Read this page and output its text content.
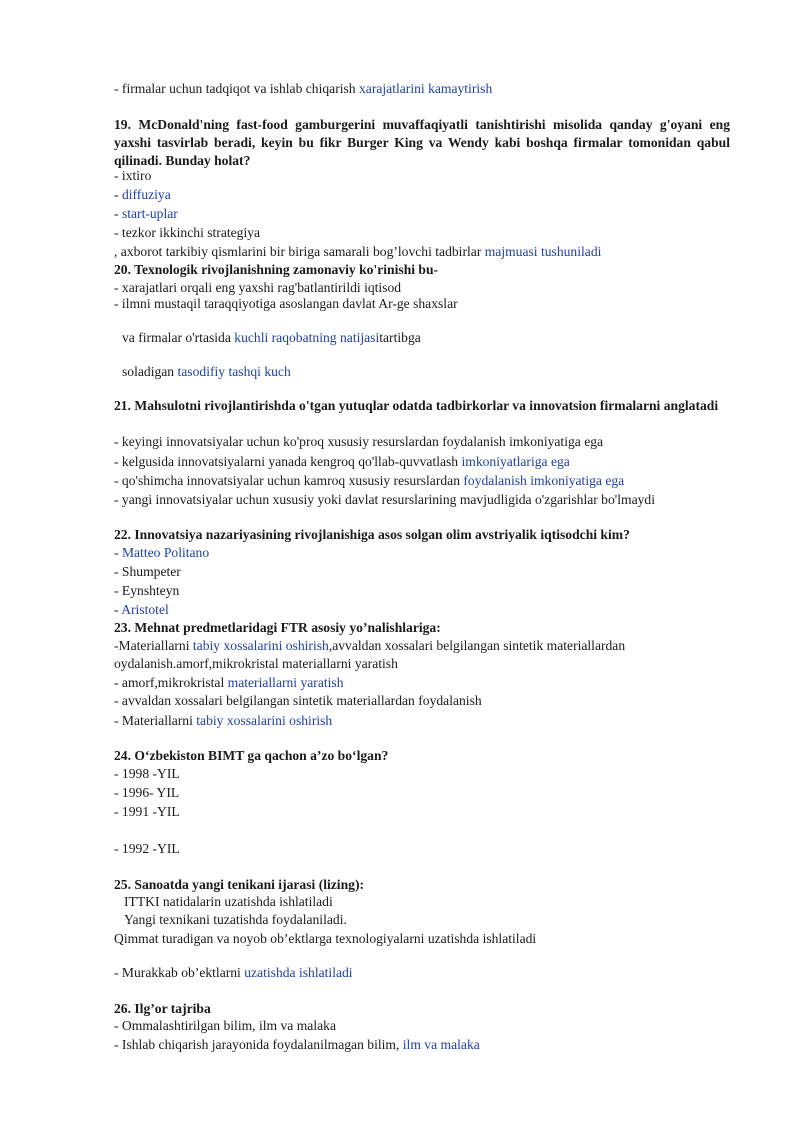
- firmalar uchun tadqiqot va ishlab chiqarish xarajatlarini kamaytirish
19. McDonald'ning fast-food gamburgerini muvaffaqiyatli tanishtirishi misolida qanday g'oyani eng yaxshi tasvirlab beradi, keyin bu fikr Burger King va Wendy kabi boshqa firmalar tomonidan qabul qilinadi. Bunday holat?
- ixtiro
- diffuziya
- start-uplar
- tezkor ikkinchi strategiya
, axborot tarkibiy qismlarini bir biriga samarali bog’lovchi tadbirlar majmuasi tushuniladi
20. Texnologik rivojlanishning zamonaviy ko'rinishi bu-
- xarajatlari orqali eng yaxshi rag'batlantirildi iqtisod
- ilmni mustaqil taraqqiyotiga asoslangan davlat Ar-ge shaxslar
va firmalar o'rtasida kuchli raqobatning natijasitartibga
soladigan tasodifiy tashqi kuch
21. Mahsulotni rivojlantirishda o'tgan yutuqlar odatda tadbirkorlar va innovatsion firmalarni anglatadi
- keyingi innovatsiyalar uchun ko'proq xususiy resurslardan foydalanish imkoniyatiga ega
- kelgusida innovatsiyalarni yanada kengroq qo'llab-quvvatlash imkoniyatlariga ega
- qo'shimcha innovatsiyalar uchun kamroq xususiy resurslardan foydalanish imkoniyatiga ega
- yangi innovatsiyalar uchun xususiy yoki davlat resurslarining mavjudligida o'zgarishlar bo'lmaydi
22. Innovatsiya nazariyasining rivojlanishiga asos solgan olim avstriyalik iqtisodchi kim?
- Matteo Politano
- Shumpeter
- Eynshteyn
- Aristotel
23. Mehnat predmetlaridagi FTR asosiy yo’nalishlariga:
-Materiallarni tabiy xossalarini oshirish,avvaldan xossalari belgilangan sintetik materiallardan
oydalanish.amorf,mikrokristal materiallarni yaratish
- amorf,mikrokristal materiallarni yaratish
- avvaldan xossalari belgilangan sintetik materiallardan foydalanish
- Materiallarni tabiy xossalarini oshirish
24. O‘zbekiston BIMT ga qachon a’zo bo‘lgan?
- 1998 -YIL
- 1996- YIL
- 1991 -YIL
- 1992 -YIL
25. Sanoatda yangi tenikani ijarasi (lizing):
ITTKI natidalarin uzatishda ishlatiladi
Yangi texnikani tuzatishda foydalaniladi.
Qimmat turadigan va noyob ob’ektlarga texnologiyalarni uzatishda ishlatiladi
- Murakkab ob’ektlarni uzatishda ishlatiladi
26. Ilg’or tajriba
- Ommalashtirilgan bilim, ilm va malaka
- Ishlab chiqarish jarayonida foydalanilmagan bilim, ilm va malaka
